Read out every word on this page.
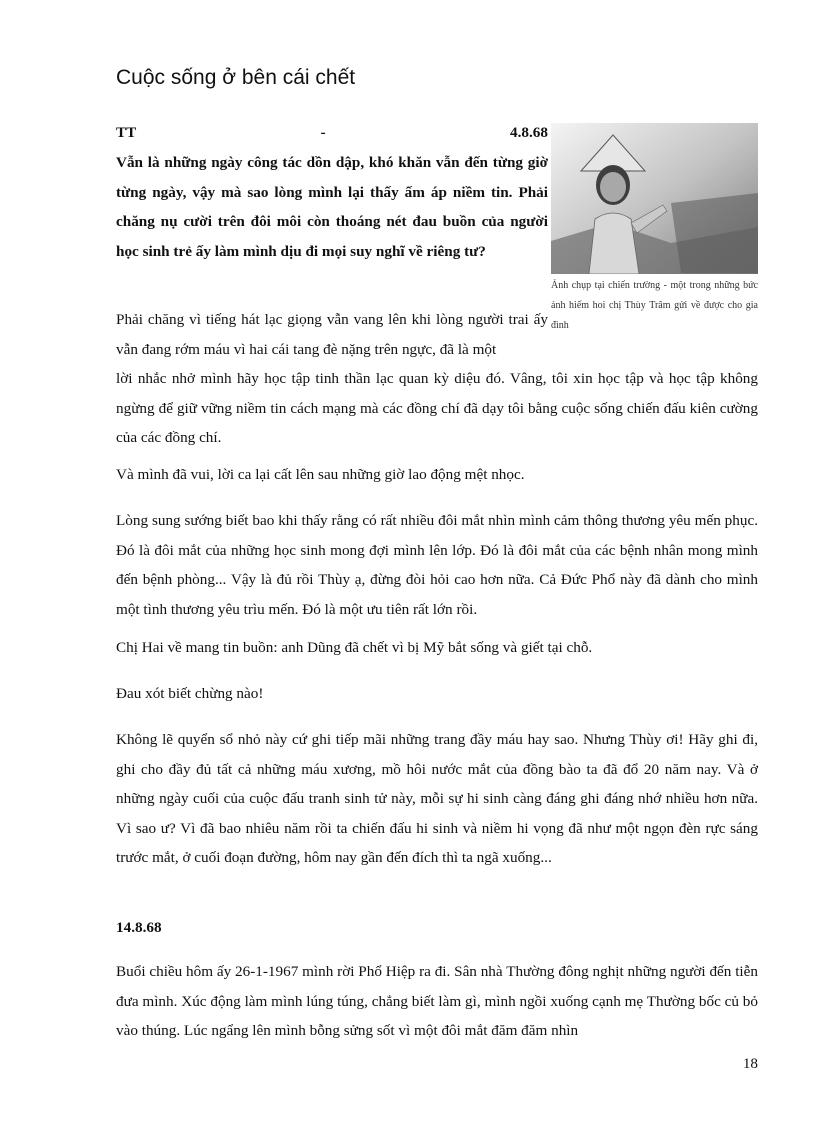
Cuộc sống ở bên cái chết

TT	-	4.8.68

Vẫn là những ngày công tác dồn dập, khó khăn vẫn đến từng giờ từng ngày, vậy mà sao lòng mình lại thấy ấm áp niềm tin. Phải chăng nụ cười trên đôi môi còn thoáng nét đau buồn của người học sinh trẻ ấy làm mình dịu đi mọi suy nghĩ về riêng tư?

Ảnh chụp tại chiến trường - một trong những bức ảnh hiếm hoi chị Thùy Trâm gửi về được cho gia đình

Phải chăng vì tiếng hát lạc giọng vẫn vang lên khi lòng người trai ấy vẫn đang rớm máu vì hai cái tang đè nặng trên ngực, đã là một

lời nhắc nhở mình hãy học tập tinh thần lạc quan kỳ diệu đó. Vâng, tôi xin học tập và học tập không ngừng để giữ vững niềm tin cách mạng mà các đồng chí đã dạy tôi bằng cuộc sống chiến đấu kiên cường của các đồng chí.

Và mình đã vui, lời ca lại cất lên sau những giờ lao động mệt nhọc.

Lòng sung sướng biết bao khi thấy rằng có rất nhiều đôi mắt nhìn mình cảm thông thương yêu mến phục. Đó là đôi mắt của những học sinh mong đợi mình lên lớp. Đó là đôi mắt của các bệnh nhân mong mình đến bệnh phòng... Vậy là đủ rồi Thùy ạ, đừng đòi hỏi cao hơn nữa. Cả Đức Phổ này đã dành cho mình một tình thương yêu trìu mến. Đó là một ưu tiên rất lớn rồi.

Chị Hai về mang tin buồn: anh Dũng đã chết vì bị Mỹ bắt sống và giết tại chỗ.

Đau xót biết chừng nào!

Không lẽ quyển sổ nhỏ này cứ ghi tiếp mãi những trang đầy máu hay sao. Nhưng Thùy ơi! Hãy ghi đi, ghi cho đầy đủ tất cả những máu xương, mồ hôi nước mắt của đồng bào ta đã đổ 20 năm nay. Và ở những ngày cuối của cuộc đấu tranh sinh tử này, mỗi sự hi sinh càng đáng ghi đáng nhớ nhiều hơn nữa. Vì sao ư? Vì đã bao nhiêu năm rồi ta chiến đấu hi sinh và niềm hi vọng đã như một ngọn đèn rực sáng trước mắt, ở cuối đoạn đường, hôm nay gần đến đích thì ta ngã xuống...

14.8.68

Buổi chiều hôm ấy 26-1-1967 mình rời Phổ Hiệp ra đi. Sân nhà Thường đông nghịt những người đến tiễn đưa mình. Xúc động làm mình lúng túng, chẳng biết làm gì, mình ngồi xuống cạnh mẹ Thường bốc củ bỏ vào thúng. Lúc ngẩng lên mình bỗng sửng sốt vì một đôi mắt đăm đăm nhìn

18
